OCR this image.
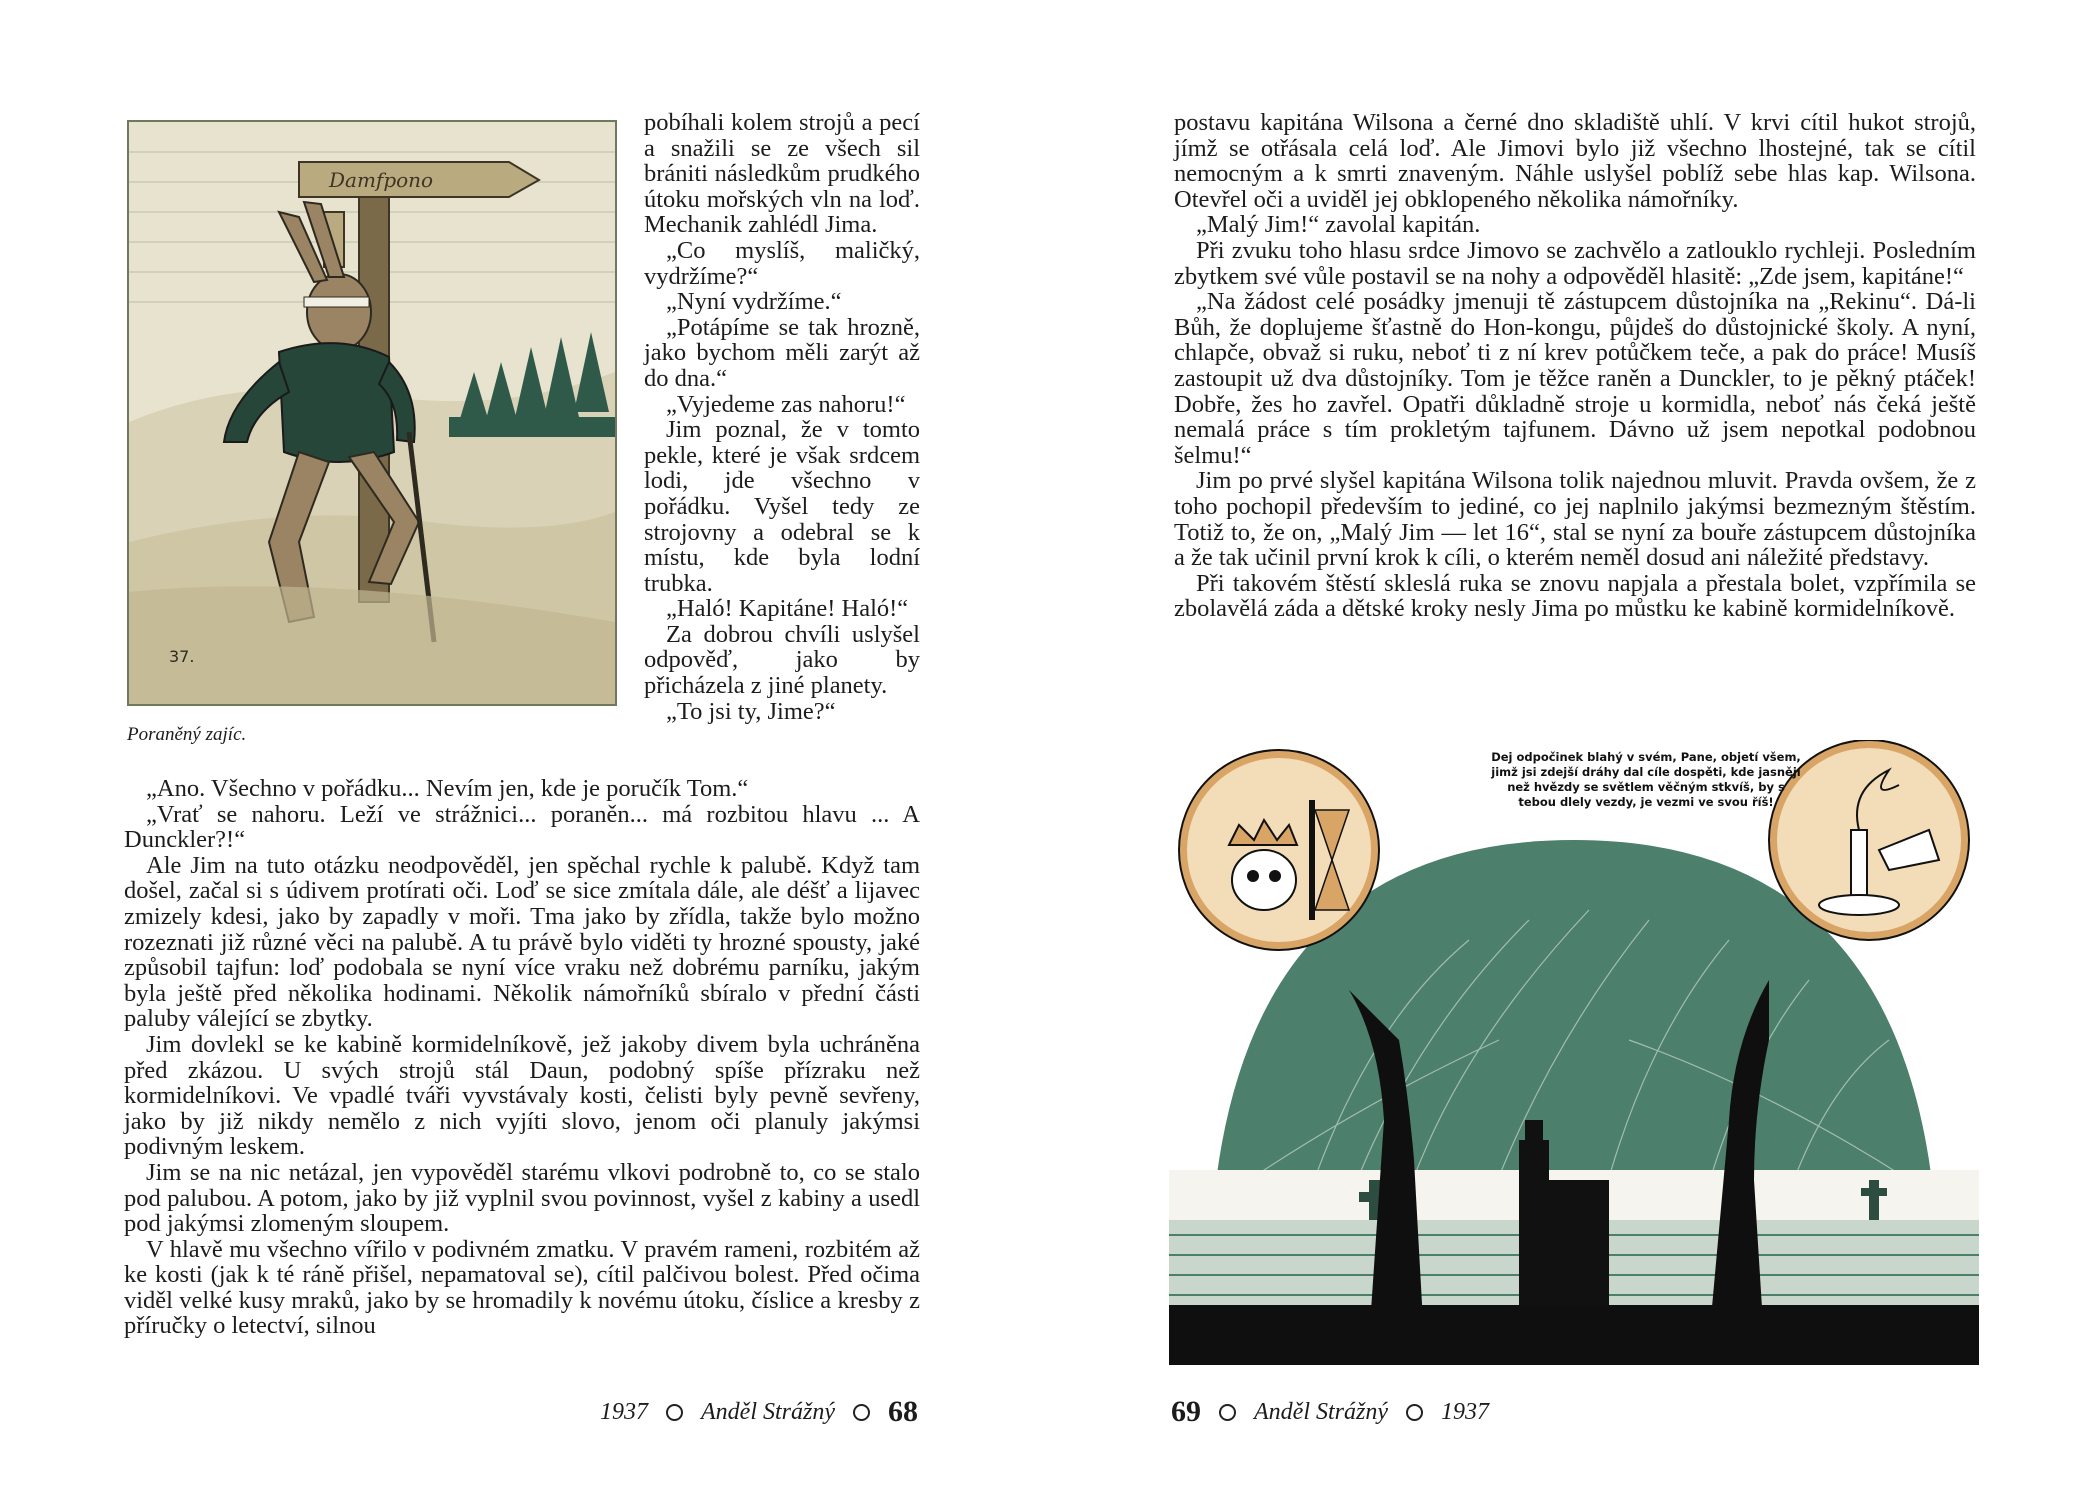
Damfpono
37.
Poraněný zajíc.

pobíhali kolem strojů a pecí a snažili se ze všech sil brániti následkům prudkého útoku mořských vln na loď. Mechanik zahlédl Jima.

„Co myslíš, maličký, vydržíme?“

„Nyní vydržíme.“

„Potápíme se tak hrozně, jako bychom měli zarýt až do dna.“

„Vyjedeme zas nahoru!“

Jim poznal, že v tomto pekle, které je však srdcem lodi, jde všechno v pořádku. Vyšel tedy ze strojovny a odebral se k místu, kde byla lodní trubka.

„Haló! Kapitáne! Haló!“

Za dobrou chvíli uslyšel odpověď, jako by přicházela z jiné planety.

„To jsi ty, Jime?“

„Ano. Všechno v pořádku... Nevím jen, kde je poručík Tom.“

„Vrať se nahoru. Leží ve strážnici... poraněn... má rozbitou hlavu ... A Dunckler?!“

Ale Jim na tuto otázku neodpověděl, jen spěchal rychle k palubě. Když tam došel, začal si s údivem protírati oči. Loď se sice zmítala dále, ale déšť a lijavec zmizely kdesi, jako by zapadly v moři. Tma jako by zřídla, takže bylo možno rozeznati již různé věci na palubě. A tu právě bylo viděti ty hrozné spousty, jaké způsobil tajfun: loď podobala se nyní více vraku než dobrému parníku, jakým byla ještě před několika hodinami. Několik námořníků sbíralo v přední části paluby válející se zbytky.

Jim dovlekl se ke kabině kormidelníkově, jež jakoby divem byla uchráněna před zkázou. U svých strojů stál Daun, podobný spíše přízraku než kormidelníkovi. Ve vpadlé tváři vyvstávaly kosti, čelisti byly pevně sevřeny, jako by již nikdy nemělo z nich vyjíti slovo, jenom oči planuly jakýmsi podivným leskem.

Jim se na nic netázal, jen vypověděl starému vlkovi podrobně to, co se stalo pod palubou. A potom, jako by již vyplnil svou povinnost, vyšel z kabiny a usedl pod jakýmsi zlomeným sloupem.

V hlavě mu všechno vířilo v podivném zmatku. V pravém rameni, rozbitém až ke kosti (jak k té ráně přišel, nepamatoval se), cítil palčivou bolest. Před očima viděl velké kusy mraků, jako by se hromadily k novému útoku, číslice a kresby z příručky o letectví, silnou

1937 Anděl Strážný 68

postavu kapitána Wilsona a černé dno skladiště uhlí. V krvi cítil hukot strojů, jímž se otřásala celá loď. Ale Jimovi bylo již všechno lhostejné, tak se cítil nemocným a k smrti znaveným. Náhle uslyšel poblíž sebe hlas kap. Wilsona. Otevřel oči a uviděl jej obklopeného několika námořníky.

„Malý Jim!“ zavolal kapitán.

Při zvuku toho hlasu srdce Jimovo se zachvělo a zatlouklo rychleji. Posledním zbytkem své vůle postavil se na nohy a odpověděl hlasitě: „Zde jsem, kapitáne!“

„Na žádost celé posádky jmenuji tě zástupcem důstojníka na „Rekinu“. Dá-li Bůh, že doplujeme šťastně do Hon-kongu, půjdeš do důstojnické školy. A nyní, chlapče, obvaž si ruku, neboť ti z ní krev potůčkem teče, a pak do práce! Musíš zastoupit už dva důstojníky. Tom je těžce raněn a Dunckler, to je pěkný ptáček! Dobře, žes ho zavřel. Opatři důkladně stroje u kormidla, neboť nás čeká ještě nemalá práce s tím prokletým tajfunem. Dávno už jsem nepotkal podobnou šelmu!“

Jim po prvé slyšel kapitána Wilsona tolik najednou mluvit. Pravda ovšem, že z toho pochopil především to jediné, co jej naplnilo jakýmsi bezmezným štěstím. Totiž to, že on, „Malý Jim — let 16“, stal se nyní za bouře zástupcem důstojníka a že tak učinil první krok k cíli, o kterém neměl dosud ani náležité představy.

Při takovém štěstí skleslá ruka se znovu napjala a přestala bolet, vzpřímila se zbolavělá záda a dětské kroky nesly Jima po můstku ke kabině kormidelníkově.

Dej odpočinek blahý v svém, Pane, objetí všem, jimž jsi zdejší dráhy dal cíle dospěti, kde jasnějí než hvězdy se světlem věčným stkvíš, by s tebou dlely vezdy, je vezmi ve svou říš!
69 Anděl Strážný 1937
